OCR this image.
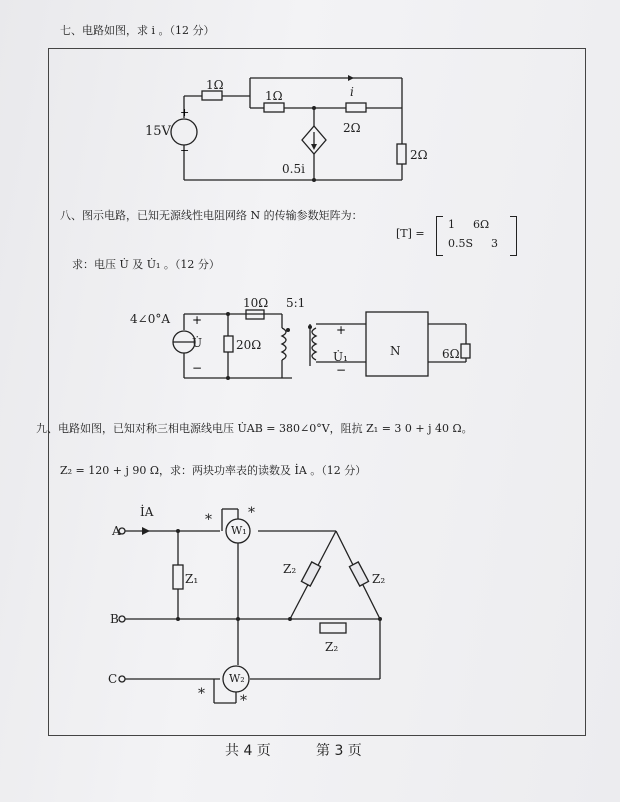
七、电路如图，求 i 。（12 分）
+
−
15V
1Ω
1Ω
2Ω
2Ω
0.5i
i
八、图示电路，已知无源线性电阻网络 N 的传输参数矩阵为：
[T] =
1 6Ω
0.5S 3
求：电压 U̇ 及 U̇₁ 。（12 分）
+
−
+
−
4∠0°A
U̇	20Ω
10Ω 5:1
U̇₁	N	6Ω
九、电路如图，已知对称三相电源线电压 U̇AB = 380∠0°V，阻抗 Z₁ = 3 0 + j 40 Ω。
Z₂ = 120 + j 90 Ω，求：两块功率表的读数及 İA 。（12 分）
İA
A
B
C
Z₁
Z₂
Z₂
Z₂
W₁
W₂
*	*
*	*
共 4 页	第 3 页
